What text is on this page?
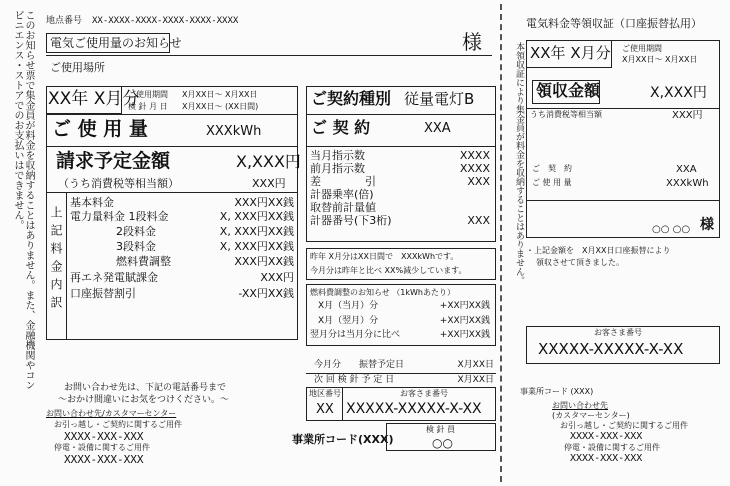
このお知らせ票で集金員が料金を収納することはありません。また、金融機関やコンビニエンス・ストアでのお支払いはできません。	地点番号 XX-XXXX-XXXX-XXXX-XXXX-XXXX
電気ご使用量のお知らせ	様
ご使用場所
XX年 X月分
ご使用期間 X月XX日～ X月XX日
検 針 月 日 X月XX日～ (XX日間)
ご 使 用 量	XXXkWh
請求予定金額	X,XXX円
（うち消費税等相当額）	XXX円
上記料金内訳
基本料金	XXX円XX銭
電力量料金 1段料金	X, XXX円XX銭
2段料金	X, XXX円XX銭
3段料金	X, XXX円XX銭
燃料費調整	XXX円XX銭
再エネ発電賦課金	XXX円
口座振替割引	-XX円XX銭
ご契約種別 従量電灯B
ご 契 約	XXA
当月指示数	XXXX
前月指示数	XXXX
差　　　　引	XXX
計器乗率(倍)
取替前計量値
計器番号(下3桁)	XXX
昨年 X月分はXX日間で　XXXkWhです。
今月分は昨年と比べ XX%減少しています。
燃料費調整のお知らせ （1kWhあたり）
X月（当月）分	+XX円XX銭
X月（翌月）分	+XX円XX銭
翌月分は当月分に比べ	+XX円XX銭
今月分　　振替予定日	X月XX日
次 回 検 針 予 定 日	X月XX日
地区番号
XX
お客さま番号
XXXXX-XXXXX-X-XX
事業所コード(XXX)
検 針 員
○○
お問い合わせ先は、下記の電話番号まで
～おかけ間違いにお気をつけください。～
お問い合わせ先/カスタマーセンター
お引っ越し・ご契約に関するご用件
XXXX-XXX-XXX
停電・設備に関するご用件
XXXX-XXX-XXX
電気料金等領収証（口座振替払用）
本領収証により集金員が料金を収納することはありません。 XX年 X月分 ご使用期間
X月XX日～ X月XX日
領収金額	X,XXX円
うち消費税等相当額	XXX円
ご　契　約	XXA
ご 使 用 量	XXXkWh
○○ ○○ 様
・上記金額を　X月XX日口座振替により
領収させて頂きました。
お客さま番号
XXXXX-XXXXX-X-XX
事業所コード (XXX)
お問い合わせ先
(カスタマーセンター)
お引っ越し・ご契約に関するご用件
XXXX-XXX-XXX
停電・設備に関するご用件
XXXX-XXX-XXX
